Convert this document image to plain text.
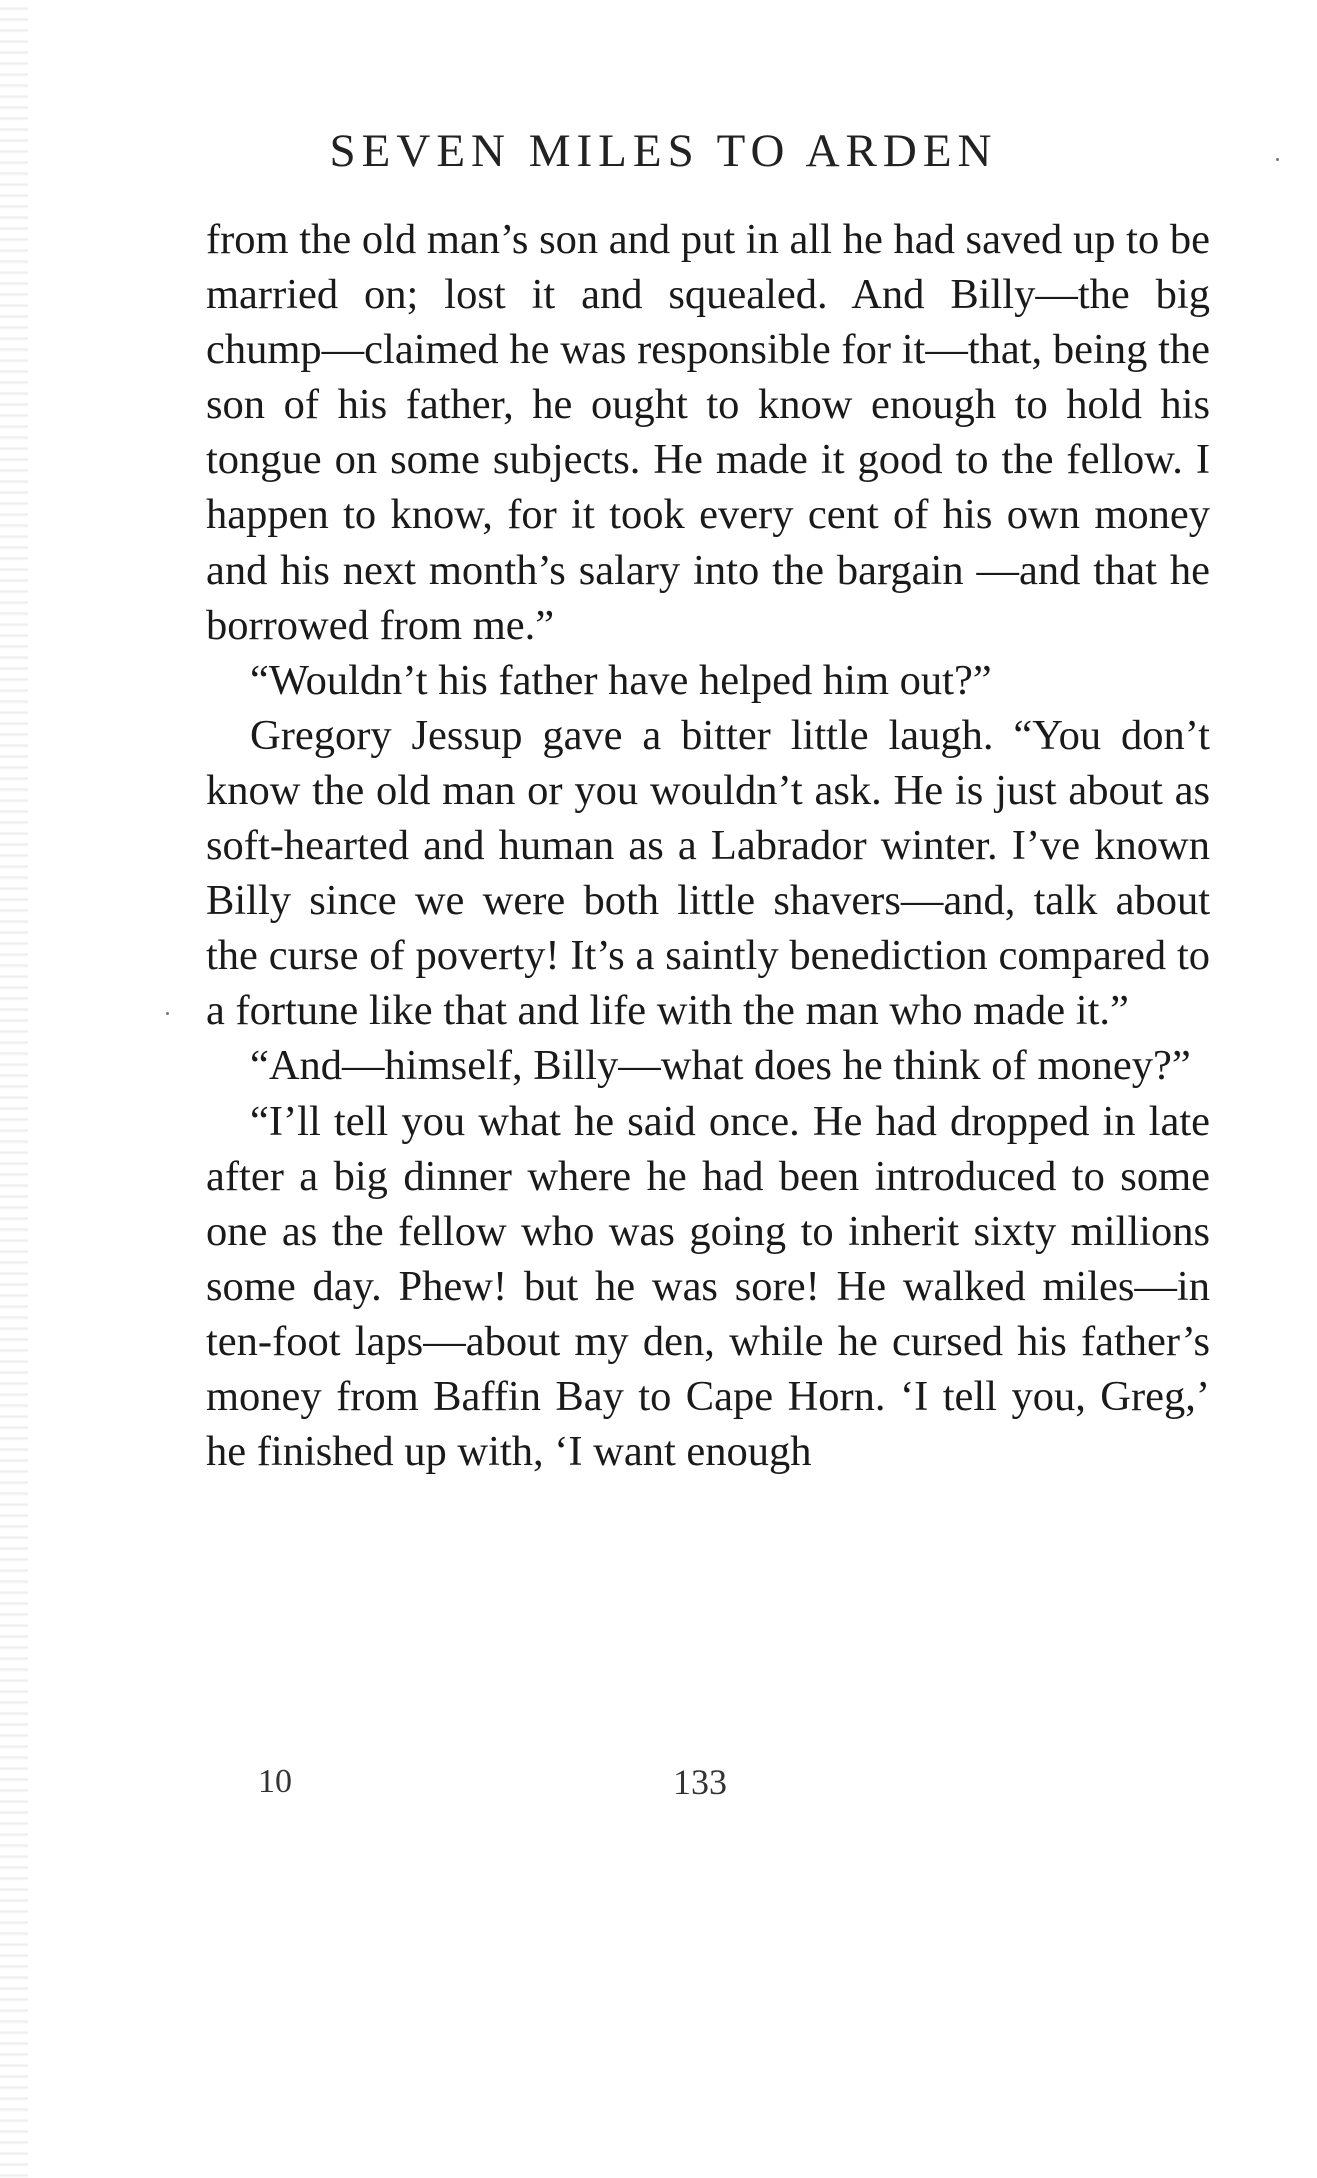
SEVEN MILES TO ARDEN

from the old man’s son and put in all he had saved up to be married on; lost it and squealed. And Billy—the big chump—claimed he was responsible for it—that, being the son of his father, he ought to know enough to hold his tongue on some subjects. He made it good to the fellow. I happen to know, for it took every cent of his own money and his next month’s salary into the bargain —and that he borrowed from me.”

“Wouldn’t his father have helped him out?”

Gregory Jessup gave a bitter little laugh. “You don’t know the old man or you wouldn’t ask. He is just about as soft-hearted and human as a Labrador winter. I’ve known Billy since we were both little shavers—and, talk about the curse of poverty! It’s a saintly benediction compared to a fortune like that and life with the man who made it.”

“And—himself, Billy—what does he think of money?”

“I’ll tell you what he said once. He had dropped in late after a big dinner where he had been introduced to some one as the fellow who was going to inherit sixty millions some day. Phew! but he was sore! He walked miles—in ten-foot laps—about my den, while he cursed his father’s money from Baffin Bay to Cape Horn. ‘I tell you, Greg,’ he finished up with, ‘I want enough

10	133
